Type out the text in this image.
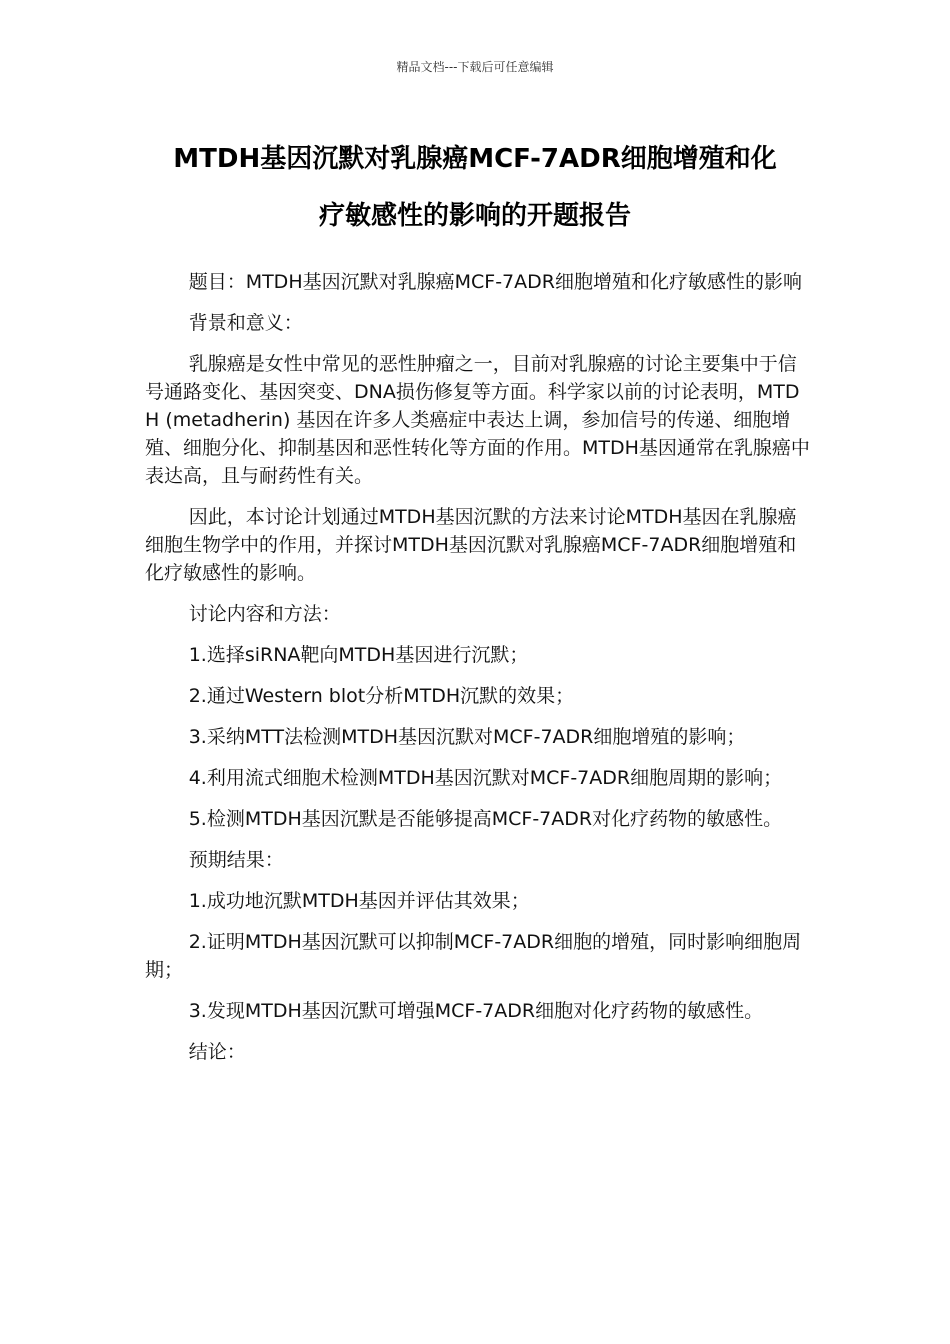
精品文档---下载后可任意编辑
MTDH基因沉默对乳腺癌MCF-7ADR细胞增殖和化
疗敏感性的影响的开题报告

题目：MTDH基因沉默对乳腺癌MCF-7ADR细胞增殖和化疗敏感性的影响

背景和意义：

乳腺癌是女性中常见的恶性肿瘤之一，目前对乳腺癌的讨论主要集中于信号通路变化、基因突变、DNA损伤修复等方面。科学家以前的讨论表明，MTDH (metadherin) 基因在许多人类癌症中表达上调，参加信号的传递、细胞增殖、细胞分化、抑制基因和恶性转化等方面的作用。MTDH基因通常在乳腺癌中表达高，且与耐药性有关。

因此，本讨论计划通过MTDH基因沉默的方法来讨论MTDH基因在乳腺癌细胞生物学中的作用，并探讨MTDH基因沉默对乳腺癌MCF-7ADR细胞增殖和化疗敏感性的影响。

讨论内容和方法：

1.选择siRNA靶向MTDH基因进行沉默；

2.通过Western blot分析MTDH沉默的效果；

3.采纳MTT法检测MTDH基因沉默对MCF-7ADR细胞增殖的影响；

4.利用流式细胞术检测MTDH基因沉默对MCF-7ADR细胞周期的影响；

5.检测MTDH基因沉默是否能够提高MCF-7ADR对化疗药物的敏感性。

预期结果：

1.成功地沉默MTDH基因并评估其效果；

2.证明MTDH基因沉默可以抑制MCF-7ADR细胞的增殖，同时影响细胞周期；

3.发现MTDH基因沉默可增强MCF-7ADR细胞对化疗药物的敏感性。

结论：
